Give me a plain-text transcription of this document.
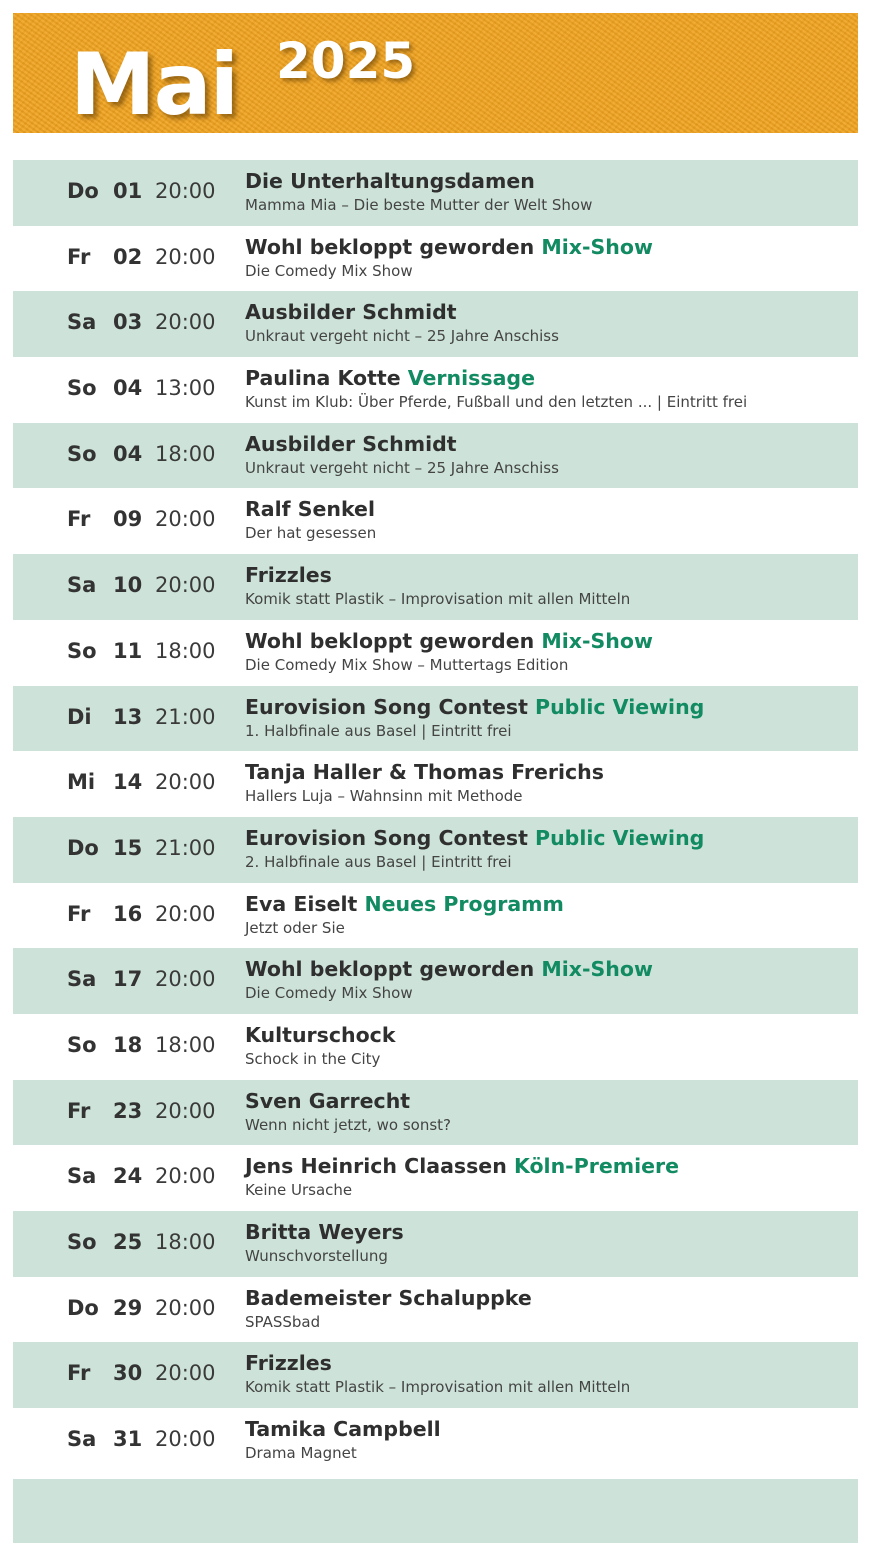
Mai 2025
Do 01 20:00 Die Unterhaltungsdamen
Mamma Mia – Die beste Mutter der Welt Show
Fr 02 20:00 Wohl bekloppt geworden Mix-Show
Die Comedy Mix Show
Sa 03 20:00 Ausbilder Schmidt
Unkraut vergeht nicht – 25 Jahre Anschiss
So 04 13:00 Paulina Kotte Vernissage
Kunst im Klub: Über Pferde, Fußball und den letzten ... | Eintritt frei
So 04 18:00 Ausbilder Schmidt
Unkraut vergeht nicht – 25 Jahre Anschiss
Fr 09 20:00 Ralf Senkel
Der hat gesessen
Sa 10 20:00 Frizzles
Komik statt Plastik – Improvisation mit allen Mitteln
So 11 18:00 Wohl bekloppt geworden Mix-Show
Die Comedy Mix Show – Muttertags Edition
Di 13 21:00 Eurovision Song Contest Public Viewing
1. Halbfinale aus Basel | Eintritt frei
Mi 14 20:00 Tanja Haller & Thomas Frerichs
Hallers Luja – Wahnsinn mit Methode
Do 15 21:00 Eurovision Song Contest Public Viewing
2. Halbfinale aus Basel | Eintritt frei
Fr 16 20:00 Eva Eiselt Neues Programm
Jetzt oder Sie
Sa 17 20:00 Wohl bekloppt geworden Mix-Show
Die Comedy Mix Show
So 18 18:00 Kulturschock
Schock in the City
Fr 23 20:00 Sven Garrecht
Wenn nicht jetzt, wo sonst?
Sa 24 20:00 Jens Heinrich Claassen Köln-Premiere
Keine Ursache
So 25 18:00 Britta Weyers
Wunschvorstellung
Do 29 20:00 Bademeister Schaluppke
SPASSbad
Fr 30 20:00 Frizzles
Komik statt Plastik – Improvisation mit allen Mitteln
Sa 31 20:00 Tamika Campbell
Drama Magnet
